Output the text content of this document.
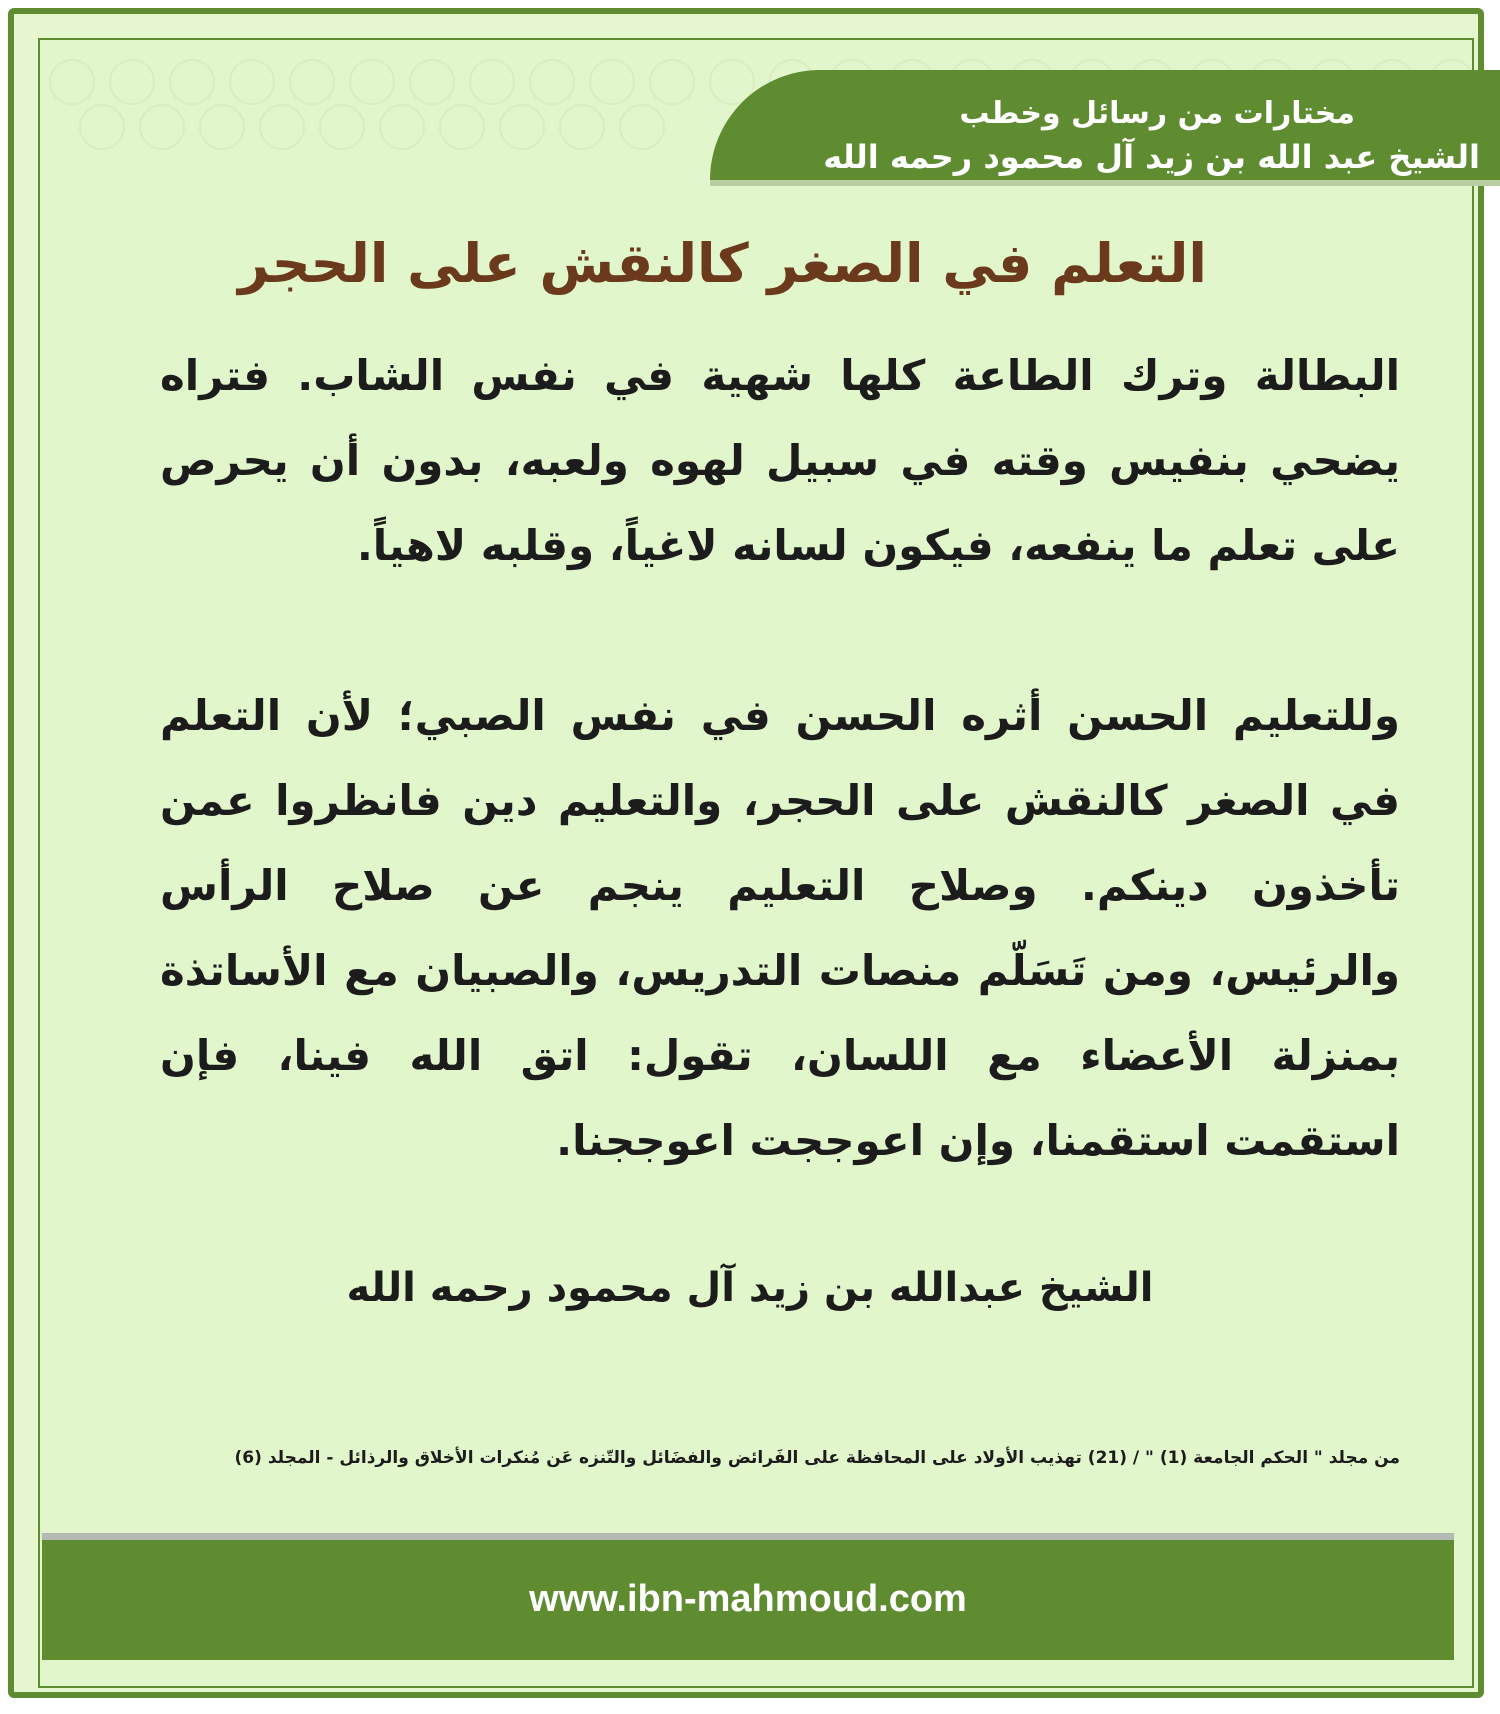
مختارات من رسائل وخطب
الشيخ عبد الله بن زيد آل محمود رحمه الله
التعلم في الصغر كالنقش على الحجر

البطالة وترك الطاعة كلها شهية في نفس الشاب. فتراه يضحي بنفيس وقته في سبيل لهوه ولعبه، بدون أن يحرص على تعلم ما ينفعه، فيكون لسانه لاغياً، وقلبه لاهياً.

وللتعليم الحسن أثره الحسن في نفس الصبي؛ لأن التعلم في الصغر كالنقش على الحجر، والتعليم دين فانظروا عمن تأخذون دينكم. وصلاح التعليم ينجم عن صلاح الرأس والرئيس، ومن تَسَلّم منصات التدريس، والصبيان مع الأساتذة بمنزلة الأعضاء مع اللسان، تقول: اتق الله فينا، فإن استقمت استقمنا، وإن اعوججت اعوججنا.

الشيخ عبدالله بن زيد آل محمود رحمه الله
من مجلد " الحكم الجامعة (1) " / (21) تهذيب الأولاد على المحافظة على الفَرائض والفضَائل والتّنزه عَن مُنكرات الأخلاق والرذائل - المجلد (6)
www.ibn-mahmoud.com
